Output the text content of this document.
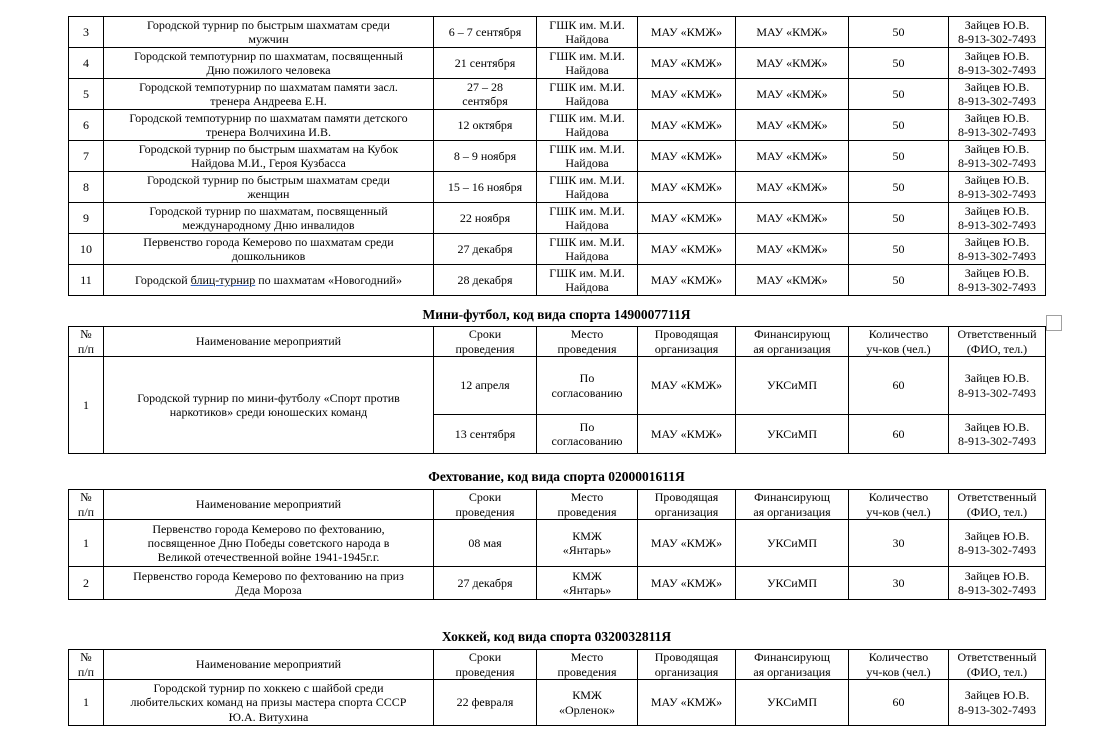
3	Городской турнир по быстрым шахматам среди
мужчин	6 – 7 сентября	ГШК им. М.И.
Найдова	МАУ «КМЖ»	МАУ «КМЖ»	50	Зайцев Ю.В.
8-913-302-7493

4	Городской темпотурнир по шахматам, посвященный
Дню пожилого человека	21 сентября	ГШК им. М.И.
Найдова	МАУ «КМЖ»	МАУ «КМЖ»	50	Зайцев Ю.В.
8-913-302-7493

5	Городской темпотурнир по шахматам памяти засл.
тренера Андреева Е.Н.	27 – 28
сентября	ГШК им. М.И.
Найдова	МАУ «КМЖ»	МАУ «КМЖ»	50	Зайцев Ю.В.
8-913-302-7493

6	Городской темпотурнир по шахматам памяти детского
тренера Волчихина И.В.	12 октября	ГШК им. М.И.
Найдова	МАУ «КМЖ»	МАУ «КМЖ»	50	Зайцев Ю.В.
8-913-302-7493

7	Городской турнир по быстрым шахматам на Кубок
Найдова М.И., Героя Кузбасса	8 – 9 ноября	ГШК им. М.И.
Найдова	МАУ «КМЖ»	МАУ «КМЖ»	50	Зайцев Ю.В.
8-913-302-7493

8	Городской турнир по быстрым шахматам среди
женщин	15 – 16 ноября	ГШК им. М.И.
Найдова	МАУ «КМЖ»	МАУ «КМЖ»	50	Зайцев Ю.В.
8-913-302-7493

9	Городской турнир по шахматам, посвященный
международному Дню инвалидов	22 ноября	ГШК им. М.И.
Найдова	МАУ «КМЖ»	МАУ «КМЖ»	50	Зайцев Ю.В.
8-913-302-7493

10	Первенство города Кемерово по шахматам среди
дошкольников	27 декабря	ГШК им. М.И.
Найдова	МАУ «КМЖ»	МАУ «КМЖ»	50	Зайцев Ю.В.
8-913-302-7493

11	Городской блиц-турнир по шахматам «Новогодний»	28 декабря	ГШК им. М.И.
Найдова	МАУ «КМЖ»	МАУ «КМЖ»	50	Зайцев Ю.В.
8-913-302-7493
Мини-футбол, код вида спорта 1490007711Я
№
п/п	Наименование мероприятий	Сроки
проведения	Место
проведения	Проводящая
организация	Финансирующ
ая организация	Количество
уч-ков (чел.)	Ответственный
(ФИО, тел.)

1	Городской турнир по мини-футболу «Спорт против
наркотиков» среди юношеских команд	12 апреля	По
согласованию	МАУ «КМЖ»	УКСиМП	60	Зайцев Ю.В.
8-913-302-7493

		13 сентября	По
согласованию	МАУ «КМЖ»	УКСиМП	60	Зайцев Ю.В.
8-913-302-7493
Фехтование, код вида спорта 0200001611Я
№
п/п	Наименование мероприятий	Сроки
проведения	Место
проведения	Проводящая
организация	Финансирующ
ая организация	Количество
уч-ков (чел.)	Ответственный
(ФИО, тел.)

1	Первенство города Кемерово по фехтованию,
посвященное Дню Победы советского народа в
Великой отечественной войне 1941-1945г.г.	08 мая	КМЖ
«Янтарь»	МАУ «КМЖ»	УКСиМП	30	Зайцев Ю.В.
8-913-302-7493

2	Первенство города Кемерово по фехтованию на приз
Деда Мороза	27 декабря	КМЖ
«Янтарь»	МАУ «КМЖ»	УКСиМП	30	Зайцев Ю.В.
8-913-302-7493
Хоккей, код вида спорта 0320032811Я
№
п/п	Наименование мероприятий	Сроки
проведения	Место
проведения	Проводящая
организация	Финансирующ
ая организация	Количество
уч-ков (чел.)	Ответственный
(ФИО, тел.)

1	Городской турнир по хоккею с шайбой среди
любительских команд на призы мастера спорта СССР
Ю.А. Витухина	22 февраля	КМЖ
«Орленок»	МАУ «КМЖ»	УКСиМП	60	Зайцев Ю.В.
8-913-302-7493
